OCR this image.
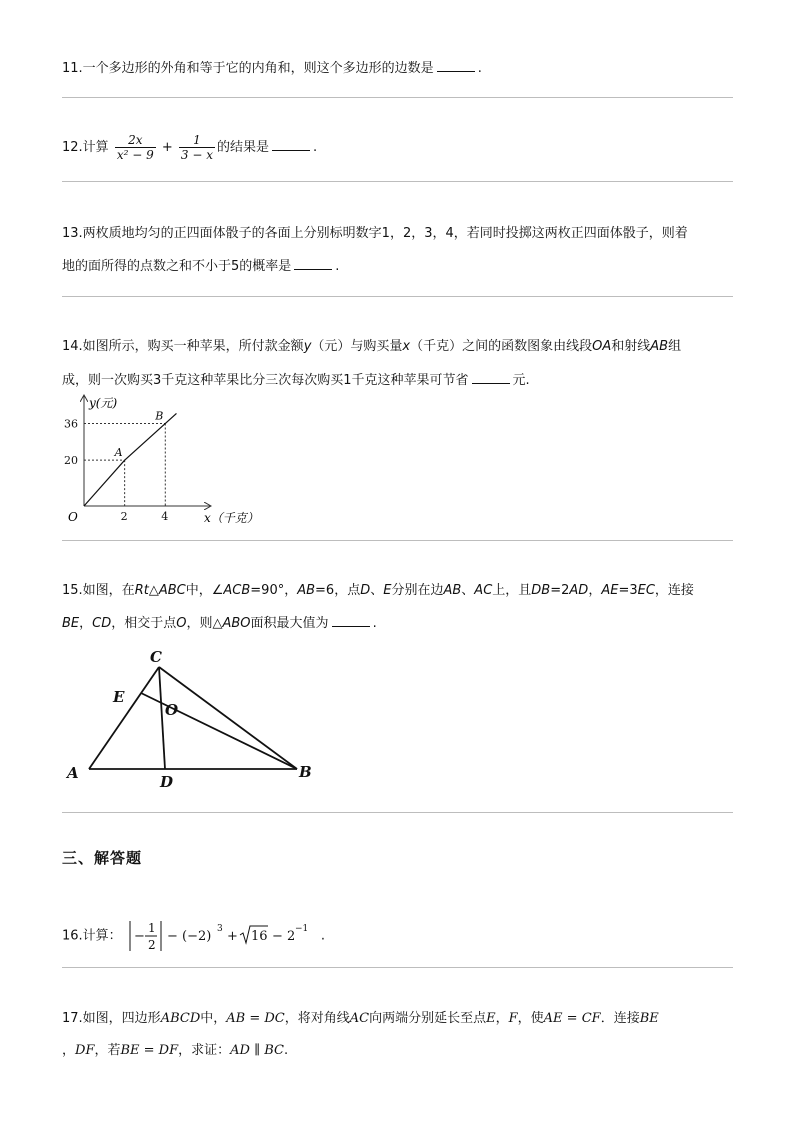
11.一个多边形的外角和等于它的内角和，则这个多边形的边数是	.
12.计算 $\frac{2x}{\text{x² − 9}} + \frac{1}{3 - x}$ 的结果是	.
13.两枚质地均匀的正四面体骰子的各面上分别标明数字1，2，3，4，若同时投掷这两枚正四面体骰子，则着
地的面所得的点数之和不小于5的概率是	.
14.如图所示，购买一种苹果，所付款金额y（元）与购买量x（千克）之间的函数图象由线段OA和射线AB组
成，则一次购买3千克这种苹果比分三次每次购买1千克这种苹果可节省	元.
A
B
2	4
20
36
y(元)
x（千克）
O
15.如图，在Rt△ABC中，∠ACB=90°，AB=6，点D、E分别在边AB、AC上，且DB=2AD，AE=3EC，连接
BE，CD，相交于点O，则△ABO面积最大值为	.
C
E
O
A	D
B
三、解答题
16.计算： −
1
2
− (−2) 3 + 16 − 2 −1 .
17.如图，四边形ABCD中，AB = DC，将对角线AC向两端分别延长至点E，F，使AE = CF．连接BE
，DF，若BE = DF，求证：AD ∥ BC.
